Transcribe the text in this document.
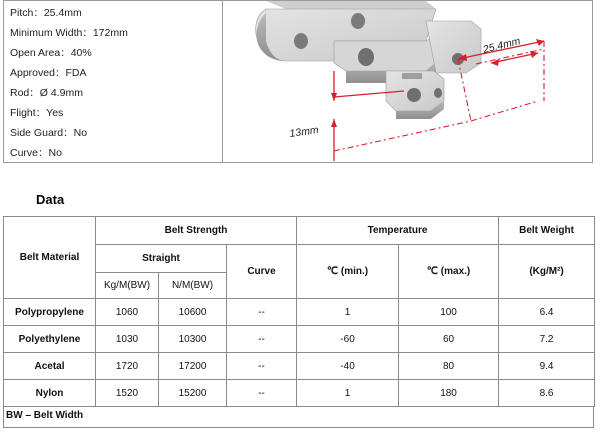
Pitch：25.4mm
Minimum Width：172mm
Open Area：40%
Approved：FDA
Rod：Ø 4.9mm
Flight：Yes
Side Guard：No
Curve：No
25.4mm
13mm
Data
Belt Material	Belt Strength			Temperature		Belt Weight
	Straight		Curve	℃ (min.)	℃ (max.)	(Kg/M²)
	Kg/M(BW)	N/M(BW)				
Polypropylene	1060	10600	--	1	100	6.4
Polyethylene	1030	10300	--	-60	60	7.2
Acetal	1720	17200	--	-40	80	9.4
Nylon	1520	15200	--	1	180	8.6
BW – Belt Width
